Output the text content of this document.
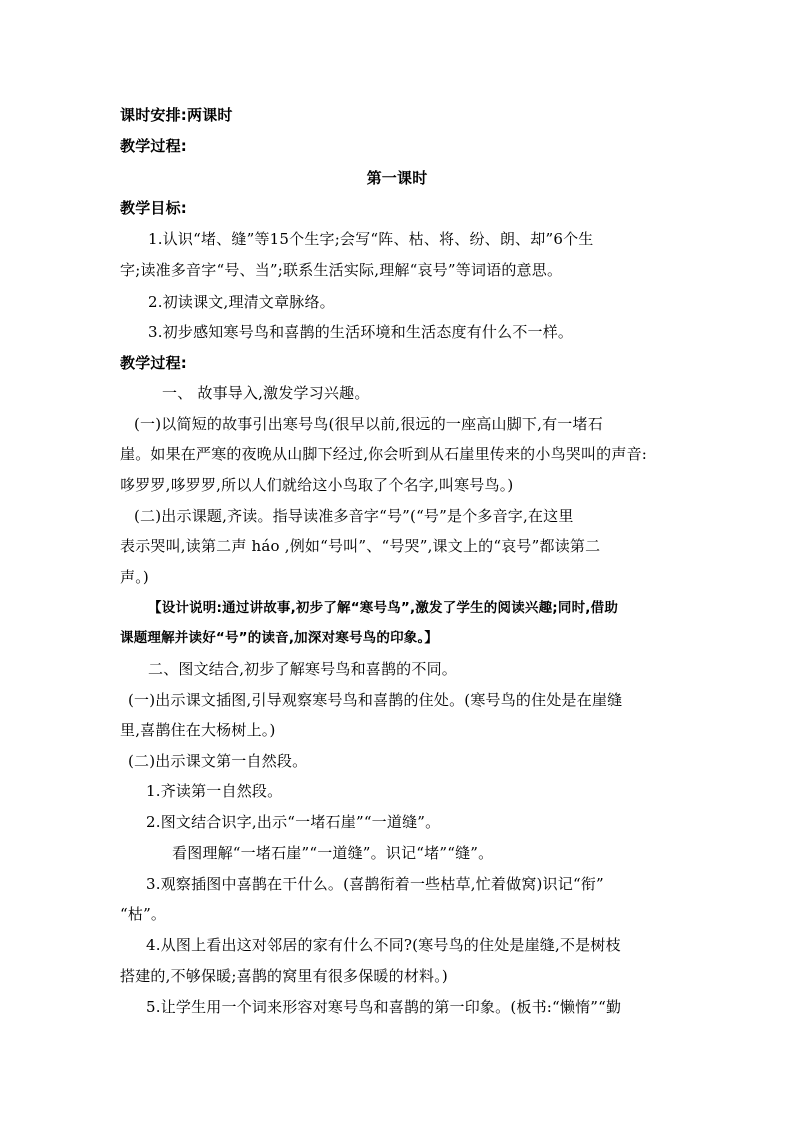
课时安排:两课时
教学过程:
第一课时
教学目标:
1.认识“堵、缝”等15个生字;会写“阵、枯、将、纷、朗、却”6个生
字;读准多音字“号、当”;联系生活实际,理解“哀号”等词语的意思。
2.初读课文,理清文章脉络。
3.初步感知寒号鸟和喜鹊的生活环境和生活态度有什么不一样。
教学过程:
一、 故事导入,激发学习兴趣。
(一)以简短的故事引出寒号鸟(很早以前,很远的一座高山脚下,有一堵石
崖。如果在严寒的夜晚从山脚下经过,你会听到从石崖里传来的小鸟哭叫的声音:
哆罗罗,哆罗罗,所以人们就给这小鸟取了个名字,叫寒号鸟。)
(二)出示课题,齐读。指导读准多音字“号”(“号”是个多音字,在这里
表示哭叫,读第二声 háo ,例如“号叫”、“号哭”,课文上的“哀号”都读第二
声。)
【设计说明:通过讲故事,初步了解“寒号鸟”,激发了学生的阅读兴趣;同时,借助
课题理解并读好“号”的读音,加深对寒号鸟的印象。】
二、图文结合,初步了解寒号鸟和喜鹊的不同。
(一)出示课文插图,引导观察寒号鸟和喜鹊的住处。(寒号鸟的住处是在崖缝
里,喜鹊住在大杨树上。)
(二)出示课文第一自然段。
1.齐读第一自然段。
2.图文结合识字,出示“一堵石崖”“一道缝”。
看图理解“一堵石崖”“一道缝”。识记“堵”“缝”。
3.观察插图中喜鹊在干什么。(喜鹊衔着一些枯草,忙着做窝)识记“衔”
“枯”。
4.从图上看出这对邻居的家有什么不同?(寒号鸟的住处是崖缝,不是树枝
搭建的,不够保暖;喜鹊的窝里有很多保暖的材料。)
5.让学生用一个词来形容对寒号鸟和喜鹊的第一印象。(板书:“懒惰”“勤
